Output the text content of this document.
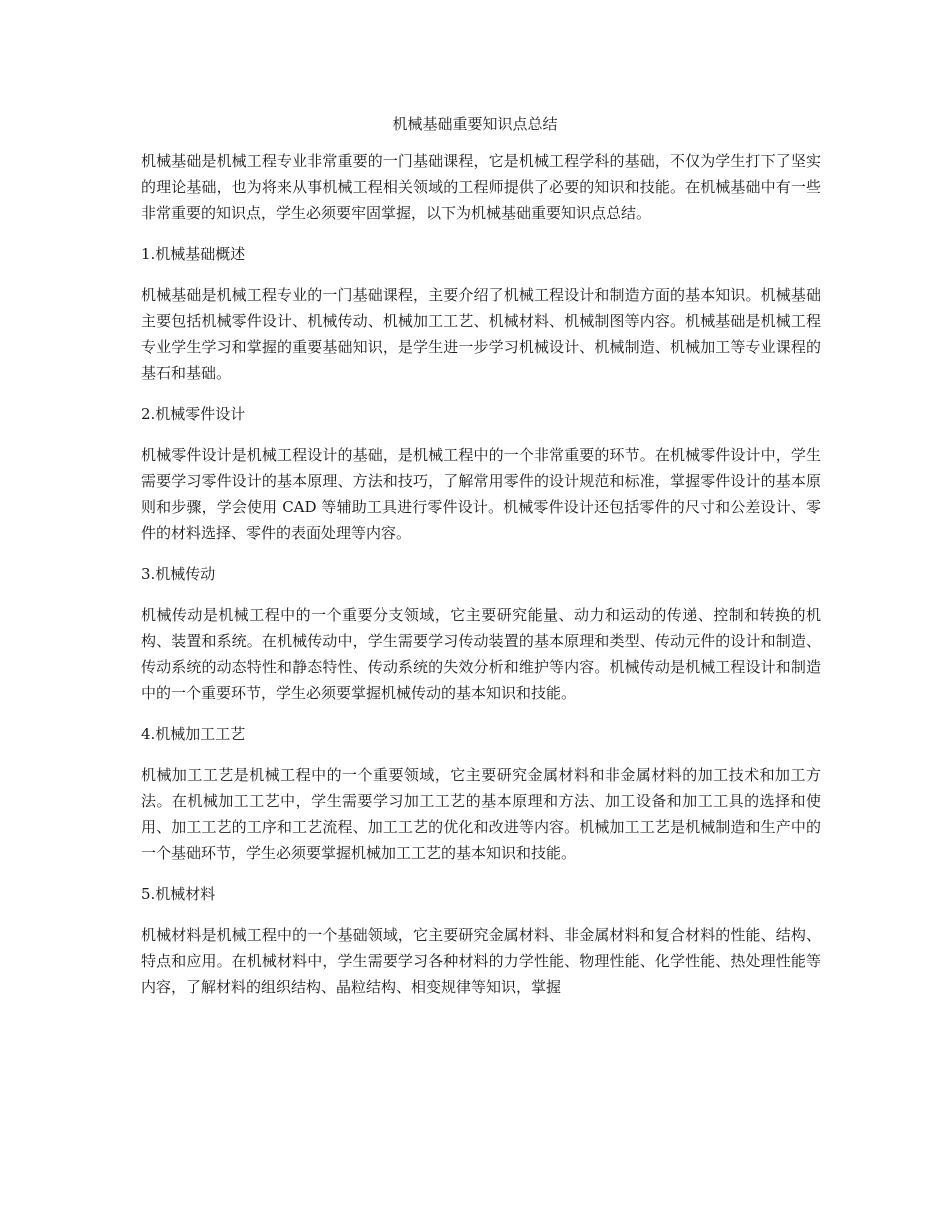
机械基础重要知识点总结

机械基础是机械工程专业非常重要的一门基础课程，它是机械工程学科的基础，不仅为学生打下了坚实的理论基础，也为将来从事机械工程相关领域的工程师提供了必要的知识和技能。在机械基础中有一些非常重要的知识点，学生必须要牢固掌握，以下为机械基础重要知识点总结。

1.机械基础概述

机械基础是机械工程专业的一门基础课程，主要介绍了机械工程设计和制造方面的基本知识。机械基础主要包括机械零件设计、机械传动、机械加工工艺、机械材料、机械制图等内容。机械基础是机械工程专业学生学习和掌握的重要基础知识，是学生进一步学习机械设计、机械制造、机械加工等专业课程的基石和基础。

2.机械零件设计

机械零件设计是机械工程设计的基础，是机械工程中的一个非常重要的环节。在机械零件设计中，学生需要学习零件设计的基本原理、方法和技巧，了解常用零件的设计规范和标准，掌握零件设计的基本原则和步骤，学会使用 CAD 等辅助工具进行零件设计。机械零件设计还包括零件的尺寸和公差设计、零件的材料选择、零件的表面处理等内容。

3.机械传动

机械传动是机械工程中的一个重要分支领域，它主要研究能量、动力和运动的传递、控制和转换的机构、装置和系统。在机械传动中，学生需要学习传动装置的基本原理和类型、传动元件的设计和制造、传动系统的动态特性和静态特性、传动系统的失效分析和维护等内容。机械传动是机械工程设计和制造中的一个重要环节，学生必须要掌握机械传动的基本知识和技能。

4.机械加工工艺

机械加工工艺是机械工程中的一个重要领域，它主要研究金属材料和非金属材料的加工技术和加工方法。在机械加工工艺中，学生需要学习加工工艺的基本原理和方法、加工设备和加工工具的选择和使用、加工工艺的工序和工艺流程、加工工艺的优化和改进等内容。机械加工工艺是机械制造和生产中的一个基础环节，学生必须要掌握机械加工工艺的基本知识和技能。

5.机械材料

机械材料是机械工程中的一个基础领域，它主要研究金属材料、非金属材料和复合材料的性能、结构、特点和应用。在机械材料中，学生需要学习各种材料的力学性能、物理性能、化学性能、热处理性能等内容，了解材料的组织结构、晶粒结构、相变规律等知识，掌握
